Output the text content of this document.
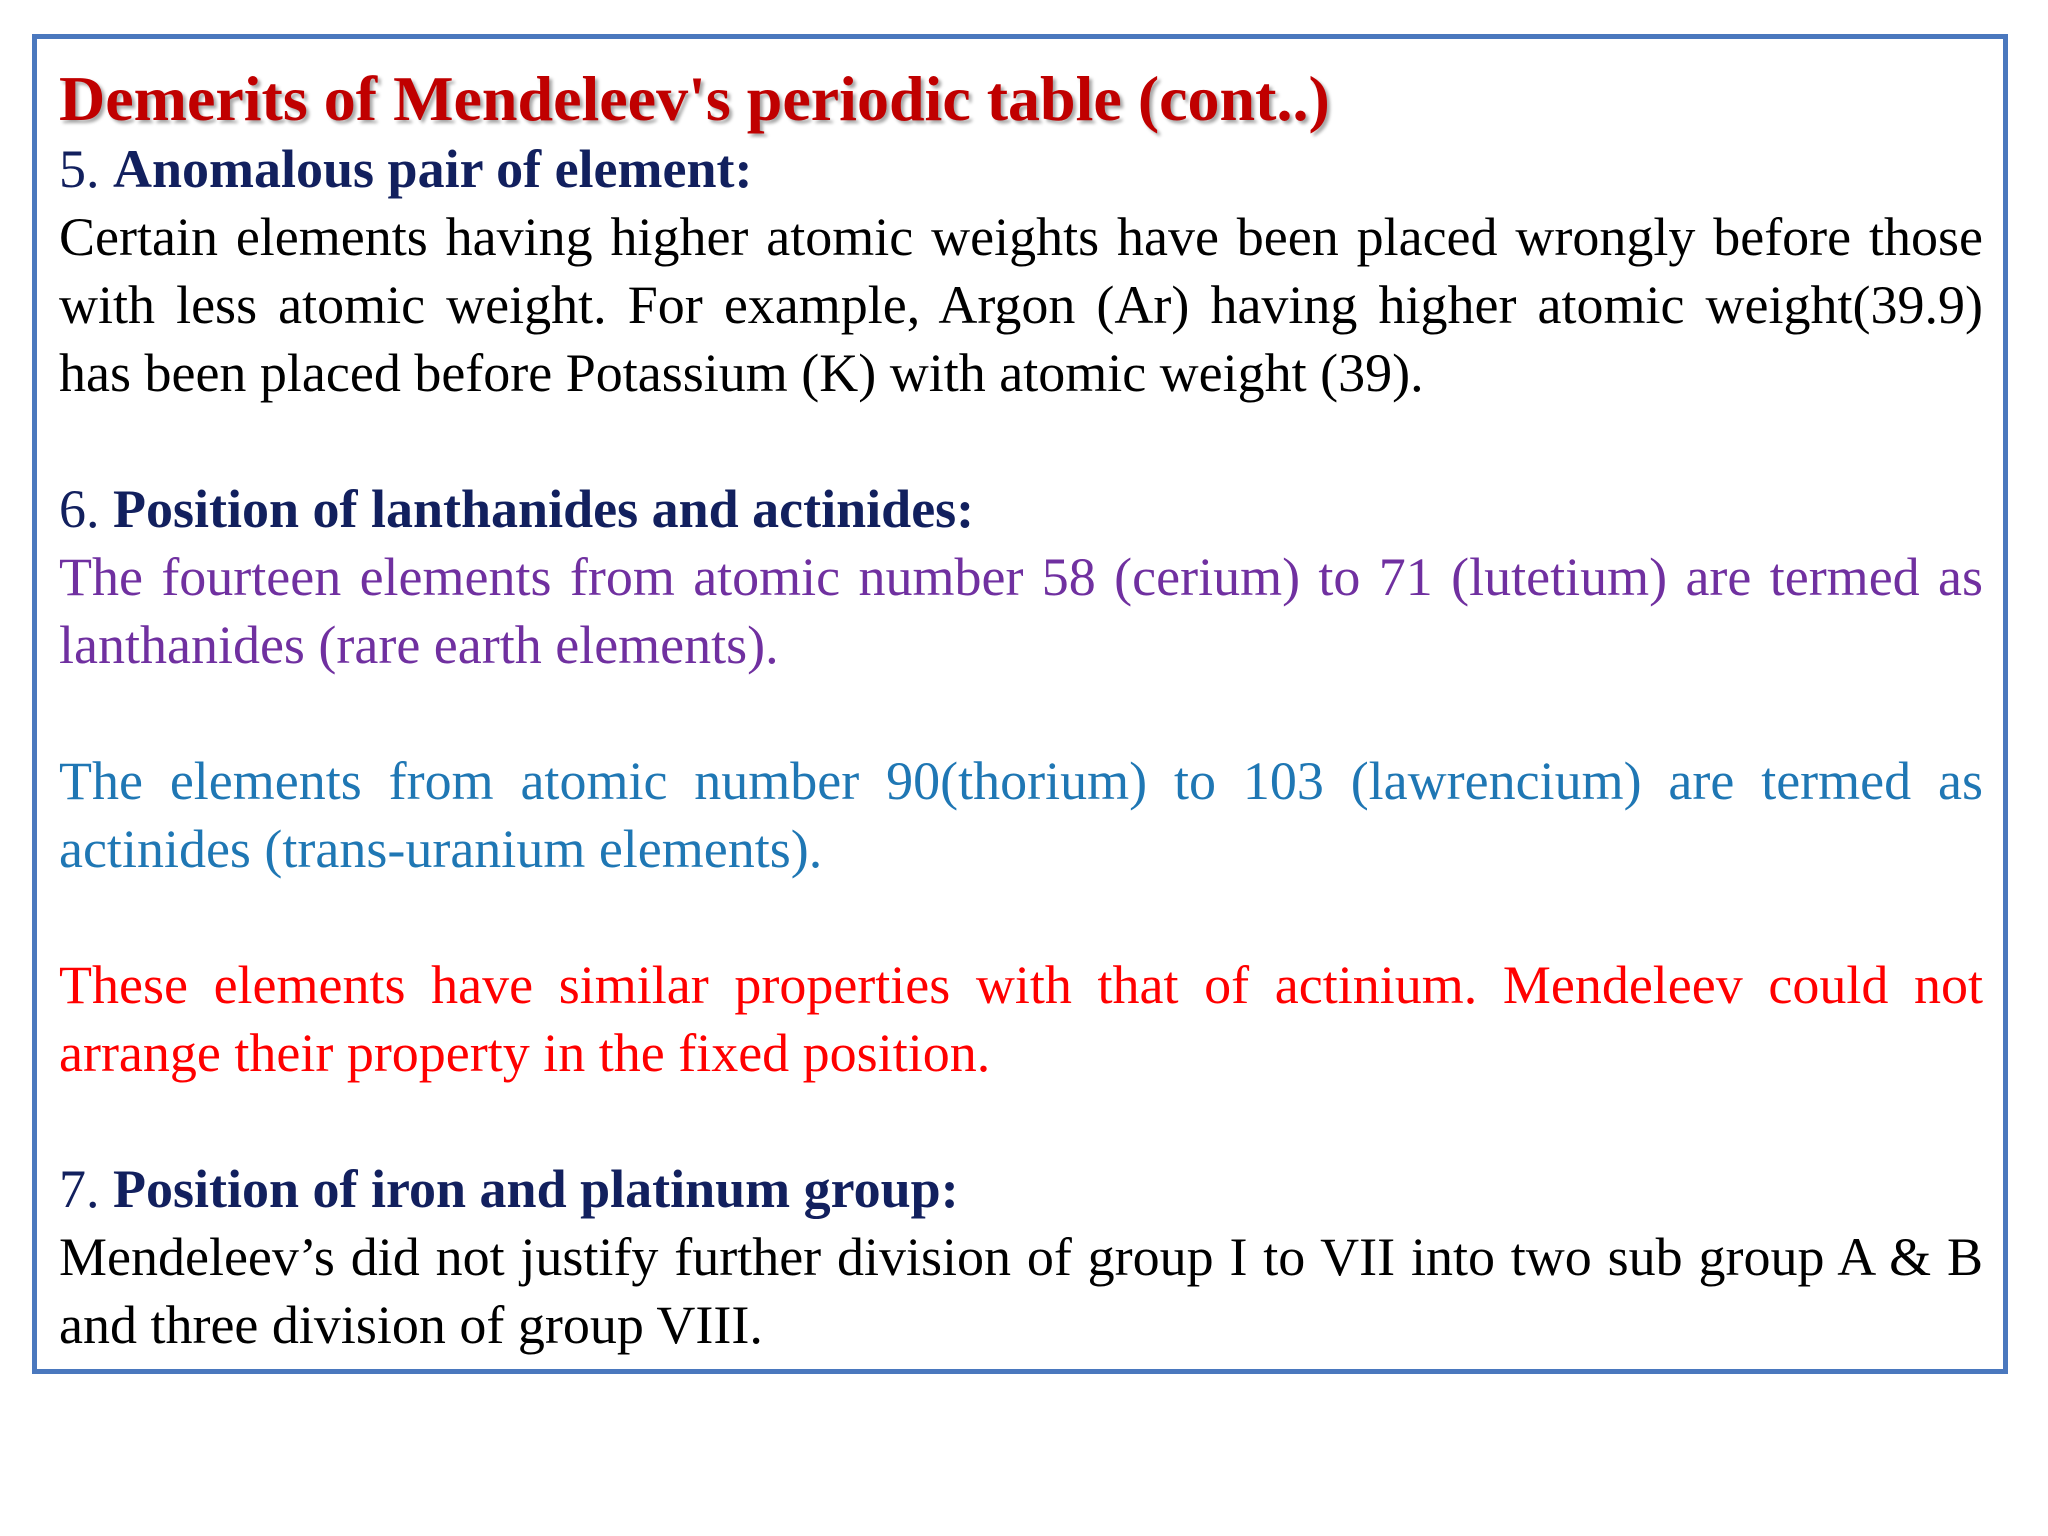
Demerits of Mendeleev's periodic table (cont..)

5. Anomalous pair of element:

Certain elements having higher atomic weights have been placed wrongly before those with less atomic weight. For example, Argon (Ar) having higher atomic weight(39.9) has been placed before Potassium (K) with atomic weight (39).

6. Position of lanthanides and actinides:

The fourteen elements from atomic number 58 (cerium) to 71 (lutetium) are termed as lanthanides (rare earth elements).

The elements from atomic number 90(thorium) to 103 (lawrencium) are termed as actinides (trans-uranium elements).

These elements have similar properties with that of actinium. Mendeleev could not arrange their property in the fixed position.

7. Position of iron and platinum group:

Mendeleev’s did not justify further division of group I to VII into two sub group A & B and three division of group VIII.
